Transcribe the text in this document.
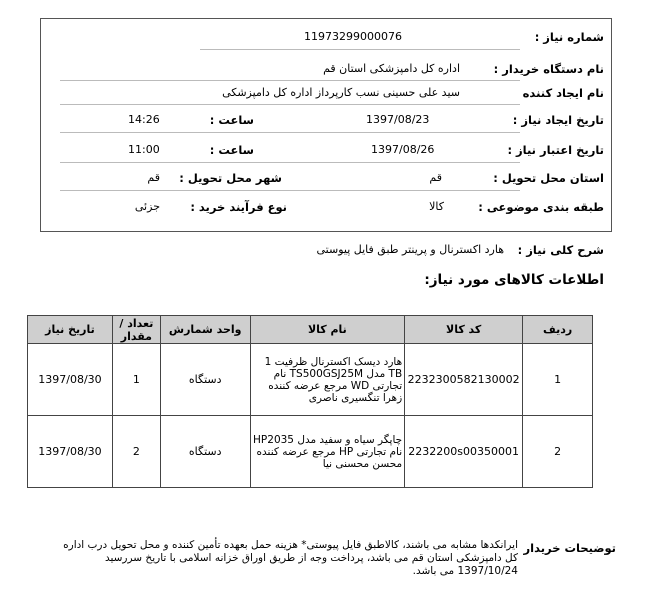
شماره نیاز :
11973299000076
نام دستگاه خریدار :
اداره کل دامپزشکی استان قم
نام ایجاد کننده
سید علی حسینی نسب کارپرداز اداره کل دامپزشکی
تاریخ ایجاد نیاز :
1397/08/23
ساعت :
14:26
تاریخ اعتبار نیاز :
1397/08/26
ساعت :
11:00
استان محل تحویل :
قم
شهر محل تحویل :
قم
طبقه بندی موضوعی :
کالا
نوع فرآیند خرید :
جزئی
شرح کلی نیاز :
هارد اکسترنال و پرینتر طبق فایل پیوستی
اطلاعات کالاهای مورد نیاز:
تاریخ نیاز	تعداد / مقدار	واحد شمارش	نام کالا	کد کالا	ردیف
1397/08/30	1	دستگاه	هارد دیسک اکسترنال ظرفیت 1 TB مدل TS500GSJ25M نام تجارتی WD مرجع عرضه کننده زهرا تنگسیری ناصری	2232300582130002	1
1397/08/30	2	دستگاه	چاپگر سیاه و سفید مدل HP2035 نام تجارتی HP مرجع عرضه کننده محسن محسنی نیا	2232200s00350001	2
توضیحات خریدار
ایرانکدها مشابه می باشند، کالاطبق فایل پیوستی* هزینه حمل بعهده تأمین کننده و محل تحویل درب اداره کل دامپزشکی استان قم می باشد، پرداخت وجه از طریق اوراق خزانه اسلامی با تاریخ سررسید 1397/10/24 می باشد.
